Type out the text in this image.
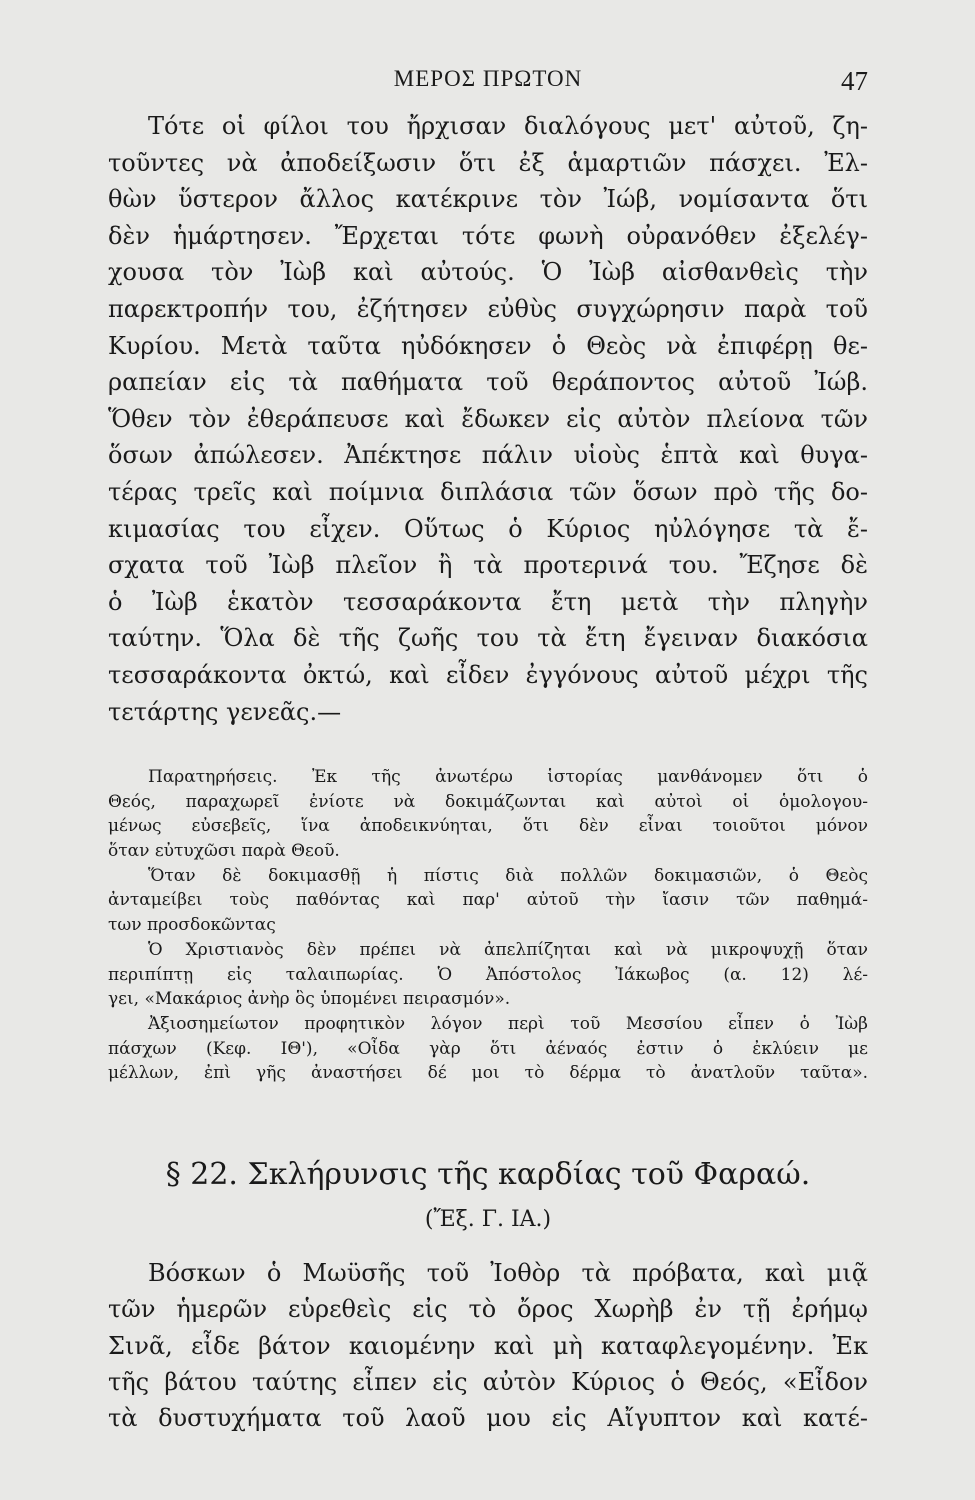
ΜΕΡΟΣ ΠΡΩΤΟΝ	47
Τότε οἱ φίλοι του ἤρχισαν διαλόγους μετ' αὐτοῦ, ζη-
τοῦντες νὰ ἀποδείξωσιν ὅτι ἐξ ἁμαρτιῶν πάσχει. Ἐλ-
θὼν ὕστερον ἄλλος κατέκρινε τὸν Ἰώβ, νομίσαντα ὅτι
δὲν ἡμάρτησεν. Ἔρχεται τότε φωνὴ οὐρανόθεν ἐξελέγ-
χουσα τὸν Ἰὼβ καὶ αὐτούς. Ὁ Ἰὼβ αἰσθανθεὶς τὴν
παρεκτροπήν του, ἐζήτησεν εὐθὺς συγχώρησιν παρὰ τοῦ
Κυρίου. Μετὰ ταῦτα ηὐδόκησεν ὁ Θεὸς νὰ ἐπιφέρῃ θε-
ραπείαν εἰς τὰ παθήματα τοῦ θεράποντος αὐτοῦ Ἰώβ.
Ὅθεν τὸν ἐθεράπευσε καὶ ἔδωκεν εἰς αὐτὸν πλείονα τῶν
ὅσων ἀπώλεσεν. Ἀπέκτησε πάλιν υἱοὺς ἑπτὰ καὶ θυγα-
τέρας τρεῖς καὶ ποίμνια διπλάσια τῶν ὅσων πρὸ τῆς δο-
κιμασίας του εἶχεν. Οὕτως ὁ Κύριος ηὐλόγησε τὰ ἔ-
σχατα τοῦ Ἰὼβ πλεῖον ἢ τὰ προτερινά του. Ἔζησε δὲ
ὁ Ἰὼβ ἑκατὸν τεσσαράκοντα ἔτη μετὰ τὴν πληγὴν
ταύτην. Ὅλα δὲ τῆς ζωῆς του τὰ ἔτη ἔγειναν διακόσια
τεσσαράκοντα ὀκτώ, καὶ εἶδεν ἐγγόνους αὐτοῦ μέχρι τῆς
τετάρτης γενεᾶς.—
Παρατηρήσεις. Ἐκ τῆς ἀνωτέρω ἱστορίας μανθάνομεν ὅτι ὁ
Θεός, παραχωρεῖ ἐνίοτε νὰ δοκιμάζωνται καὶ αὐτοὶ οἱ ὁμολογου-
μένως εὐσεβεῖς, ἵνα ἀποδεικνύηται, ὅτι δὲν εἶναι τοιοῦτοι μόνον
ὅταν εὐτυχῶσι παρὰ Θεοῦ.
Ὅταν δὲ δοκιμασθῇ ἡ πίστις διὰ πολλῶν δοκιμασιῶν, ὁ Θεὸς
ἀνταμείβει τοὺς παθόντας καὶ παρ' αὐτοῦ τὴν ἴασιν τῶν παθημά-
των προσδοκῶντας
Ὁ Χριστιανὸς δὲν πρέπει νὰ ἀπελπίζηται καὶ νὰ μικροψυχῇ ὅταν
περιπίπτῃ εἰς ταλαιπωρίας. Ὁ Ἀπόστολος Ἰάκωβος (α. 12) λέ-
γει, «Μακάριος ἀνὴρ ὃς ὑπομένει πειρασμόν».
Ἀξιοσημείωτον προφητικὸν λόγον περὶ τοῦ Μεσσίου εἶπεν ὁ Ἰὼβ
πάσχων (Κεφ. ΙΘ'), «Οἶδα γὰρ ὅτι ἀέναός ἐστιν ὁ ἐκλύειν με
μέλλων, ἐπὶ γῆς ἀναστήσει δέ μοι τὸ δέρμα τὸ ἀνατλοῦν ταῦτα».
§ 22. Σκλήρυνσις τῆς καρδίας τοῦ Φαραώ.
(Ἔξ. Γ. ΙΑ.)
Βόσκων ὁ Μωϋσῆς τοῦ Ἰοθὸρ τὰ πρόβατα, καὶ μιᾷ
τῶν ἡμερῶν εὑρεθεὶς εἰς τὸ ὄρος Χωρὴβ ἐν τῇ ἐρήμῳ
Σινᾶ, εἶδε βάτον καιομένην καὶ μὴ καταφλεγομένην. Ἐκ
τῆς βάτου ταύτης εἶπεν εἰς αὐτὸν Κύριος ὁ Θεός, «Εἶδον
τὰ δυστυχήματα τοῦ λαοῦ μου εἰς Αἴγυπτον καὶ κατέ-
